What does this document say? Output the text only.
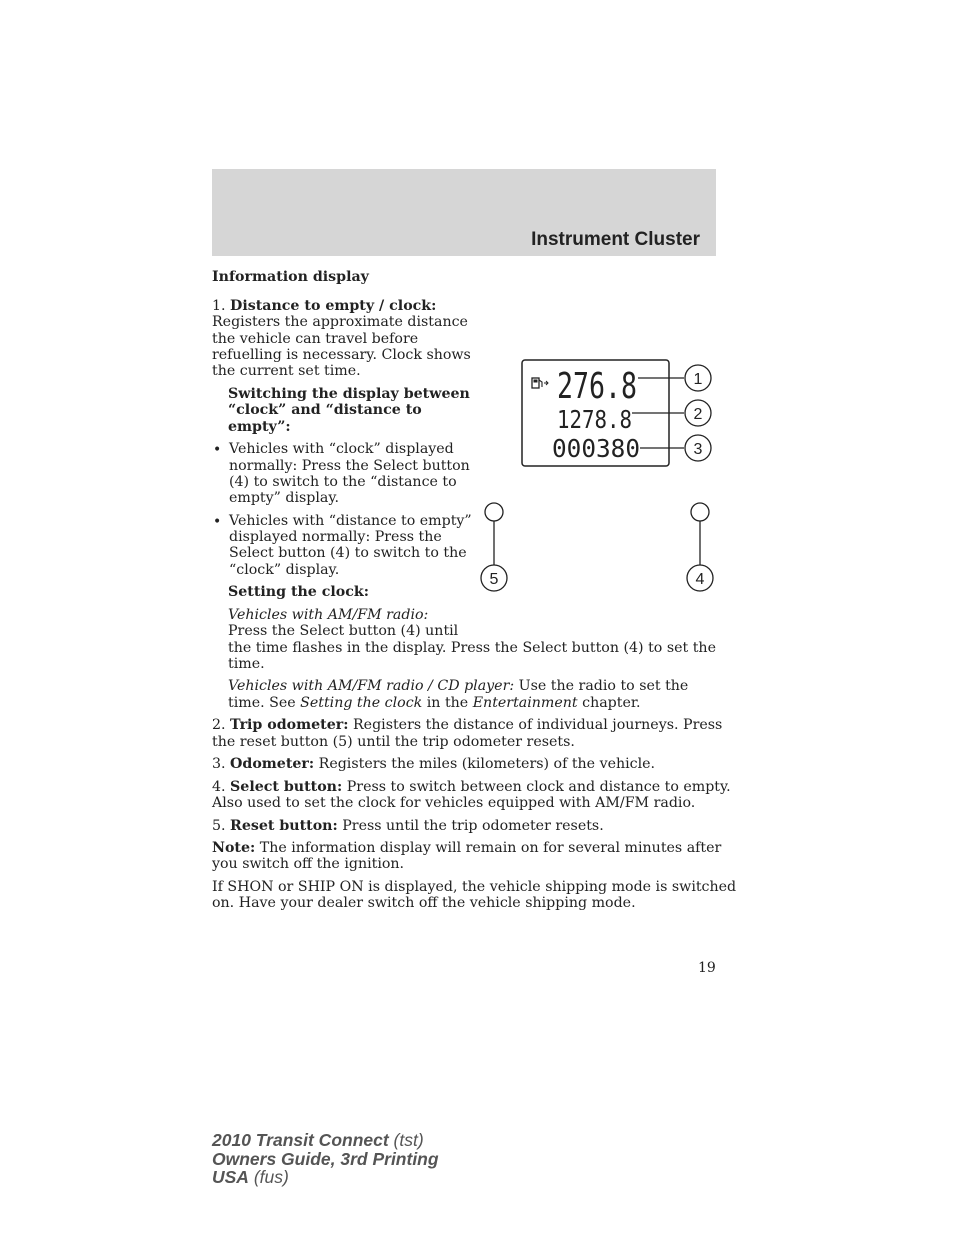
Instrument Cluster
Information display
1. Distance to empty / clock:
Registers the approximate distance
the vehicle can travel before
refuelling is necessary. Clock shows
the current set time.
Switching the display between
“clock” and “distance to
empty”:
• Vehicles with “clock” displayed
normally: Press the Select button
(4) to switch to the “distance to
empty” display.
• Vehicles with “distance to empty”
displayed normally: Press the
Select button (4) to switch to the
“clock” display.
Setting the clock:
Vehicles with AM/FM radio:
Press the Select button (4) until
the time flashes in the display. Press the Select button (4) to set the
time.
Vehicles with AM/FM radio / CD player: Use the radio to set the
time. See Setting the clock in the Entertainment chapter.
2. Trip odometer: Registers the distance of individual journeys. Press
the reset button (5) until the trip odometer resets.
3. Odometer: Registers the miles (kilometers) of the vehicle.
4. Select button: Press to switch between clock and distance to empty.
Also used to set the clock for vehicles equipped with AM/FM radio.
5. Reset button: Press until the trip odometer resets.
Note: The information display will remain on for several minutes after
you switch off the ignition.
If SHON or SHIP ON is displayed, the vehicle shipping mode is switched
on. Have your dealer switch off the vehicle shipping mode.
276.8
1278.8
000380
1
2
3
5	4
19
2010 Transit Connect (tst)
Owners Guide, 3rd Printing
USA (fus)
